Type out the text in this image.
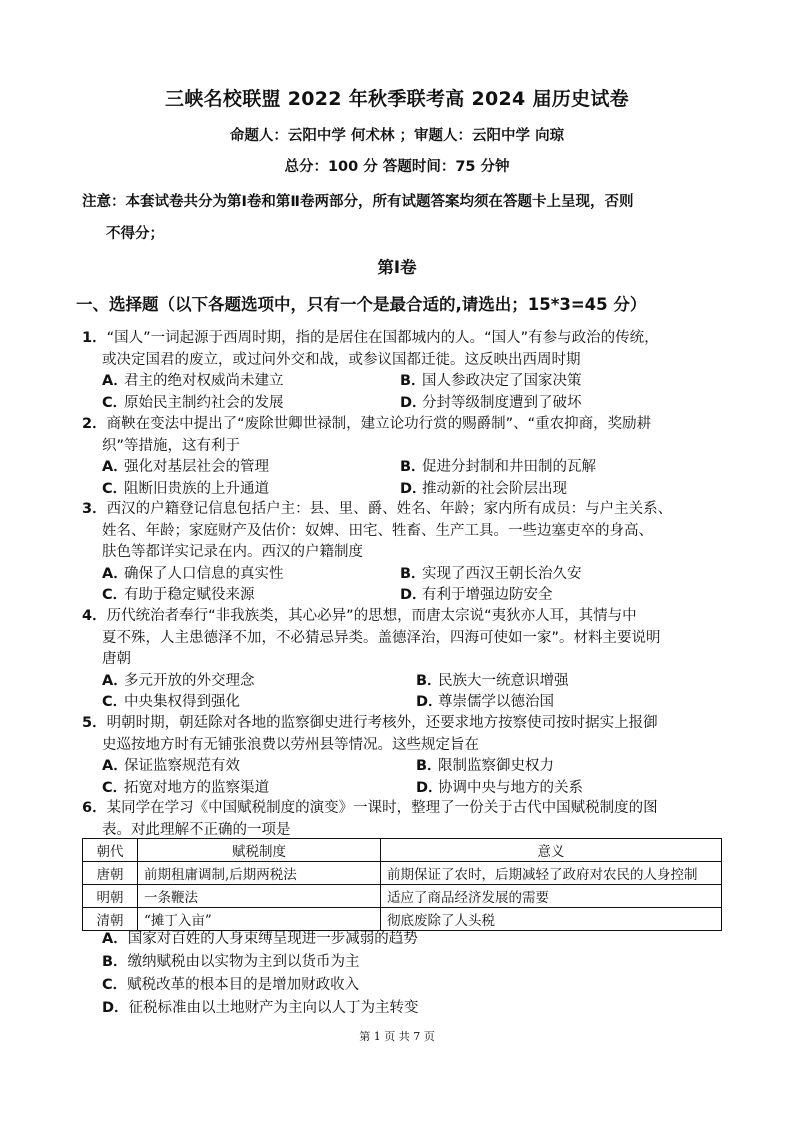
三峡名校联盟 2022 年秋季联考高 2024 届历史试卷
命题人：云阳中学 何术林 ；审题人：云阳中学 向琼
总分：100 分 答题时间：75 分钟
注意：本套试卷共分为第Ⅰ卷和第Ⅱ卷两部分，所有试题答案均须在答题卡上呈现，否则
不得分；
第Ⅰ卷
一、选择题（以下各题选项中，只有一个是最合适的,请选出；15*3=45 分）
1．“国人”一词起源于西周时期，指的是居住在国都城内的人。“国人”有参与政治的传统，
或决定国君的废立，或过问外交和战，或参议国都迁徙。这反映出西周时期
A．君主的绝对权威尚未建立	B．国人参政决定了国家决策
C．原始民主制约社会的发展	D．分封等级制度遭到了破坏
2．商鞅在变法中提出了“废除世卿世禄制，建立论功行赏的赐爵制”、“重农抑商，奖励耕
织”等措施，这有利于
A．强化对基层社会的管理	B．促进分封制和井田制的瓦解
C．阻断旧贵族的上升通道	D．推动新的社会阶层出现
3．西汉的户籍登记信息包括户主：县、里、爵、姓名、年龄；家内所有成员：与户主关系、
姓名、年龄；家庭财产及估价：奴婢、田宅、牲畜、生产工具。一些边塞吏卒的身高、
肤色等都详实记录在内。西汉的户籍制度
A．确保了人口信息的真实性	B．实现了西汉王朝长治久安
C．有助于稳定赋役来源	D．有利于增强边防安全
4．历代统治者奉行“非我族类，其心必异”的思想，而唐太宗说“夷狄亦人耳，其情与中
夏不殊，人主患德泽不加，不必猜忌异类。盖德泽治，四海可使如一家”。材料主要说明
唐朝
A．多元开放的外交理念	B．民族大一统意识增强
C．中央集权得到强化	D．尊崇儒学以德治国
5．明朝时期，朝廷除对各地的监察御史进行考核外，还要求地方按察使司按时据实上报御
史巡按地方时有无铺张浪费以劳州县等情况。这些规定旨在
A．保证监察规范有效	B．限制监察御史权力
C．拓宽对地方的监察渠道	D．协调中央与地方的关系
6．某同学在学习《中国赋税制度的演变》一课时，整理了一份关于古代中国赋税制度的图
表。对此理解不正确的一项是
朝代	赋税制度	意义
唐朝	前期租庸调制,后期两税法	前期保证了农时，后期减轻了政府对农民的人身控制
明朝	一条鞭法	适应了商品经济发展的需要
清朝	“摊丁入亩”	彻底废除了人头税
A．国家对百姓的人身束缚呈现进一步减弱的趋势
B．缴纳赋税由以实物为主到以货币为主
C．赋税改革的根本目的是增加财政收入
D．征税标准由以土地财产为主向以人丁为主转变
第 1 页 共 7 页
